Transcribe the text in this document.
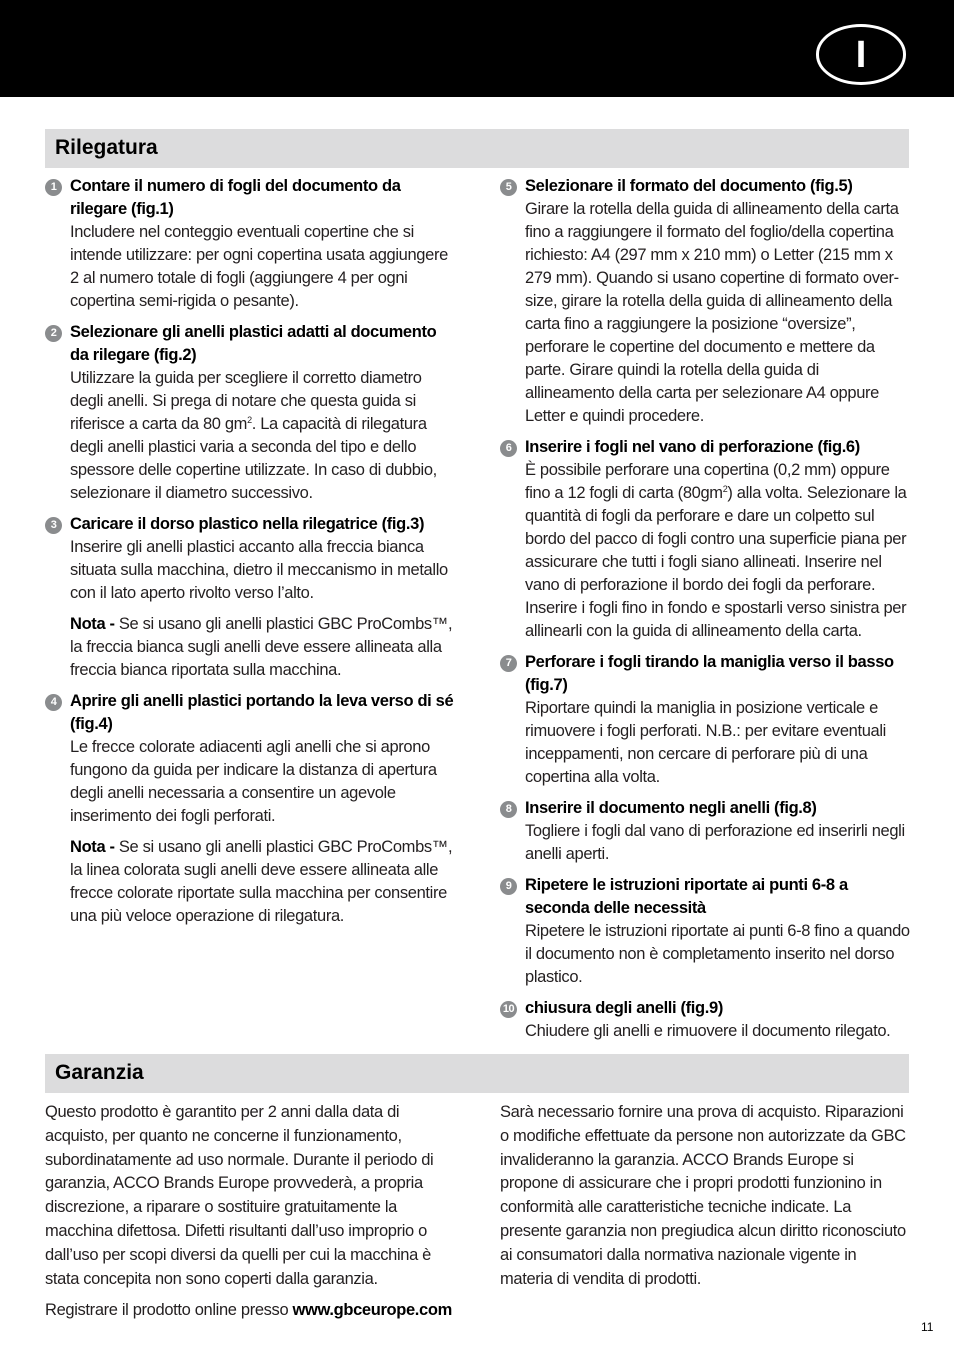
I
Rilegatura
1 Contare il numero di fogli del documento da rilegare (fig.1)
Includere nel conteggio eventuali copertine che si intende utilizzare: per ogni copertina usata aggiungere 2 al numero totale di fogli (aggiungere 4 per ogni copertina semi-rigida o pesante).
2 Selezionare gli anelli plastici adatti al documento da rilegare (fig.2)
Utilizzare la guida per scegliere il corretto diametro degli anelli. Si prega di notare che questa guida si riferisce a carta da 80 $gm^2$. La capacità di rilegatura degli anelli plastici varia a seconda del tipo e dello spessore delle copertine utilizzate. In caso di dubbio, selezionare il diametro successivo.
3 Caricare il dorso plastico nella rilegatrice (fig.3)
Inserire gli anelli plastici accanto alla freccia bianca situata sulla macchina, dietro il meccanismo in metallo con il lato aperto rivolto verso l’alto.
Nota - Se si usano gli anelli plastici GBC ProCombs™, la freccia bianca sugli anelli deve essere allineata alla freccia bianca riportata sulla macchina.
4 Aprire gli anelli plastici portando la leva verso di sé (fig.4)
Le frecce colorate adiacenti agli anelli che si aprono fungono da guida per indicare la distanza di apertura degli anelli necessaria a consentire un agevole inserimento dei fogli perforati.
Nota - Se si usano gli anelli plastici GBC ProCombs™, la linea colorata sugli anelli deve essere allineata alle frecce colorate riportate sulla macchina per consentire una più veloce operazione di rilegatura.
5 Selezionare il formato del documento (fig.5)
Girare la rotella della guida di allineamento della carta fino a raggiungere il formato del foglio/della copertina richiesto: A4 (297 mm x 210 mm) o Letter (215 mm x 279 mm). Quando si usano copertine di formato over-size, girare la rotella della guida di allineamento della carta fino a raggiungere la posizione “oversize”, perforare le copertine del documento e mettere da parte. Girare quindi la rotella della guida di allineamento della carta per selezionare A4 oppure Letter e quindi procedere.
6 Inserire i fogli nel vano di perforazione (fig.6)
È possibile perforare una copertina (0,2 mm) oppure fino a 12 fogli di carta $(80gm^2)$ alla volta. Selezionare la quantità di fogli da perforare e dare un colpetto sul bordo del pacco di fogli contro una superficie piana per assicurare che tutti i fogli siano allineati. Inserire nel vano di perforazione il bordo dei fogli da perforare. Inserire i fogli fino in fondo e spostarli verso sinistra per allinearli con la guida di allineamento della carta.
7 Perforare i fogli tirando la maniglia verso il basso (fig.7)
Riportare quindi la maniglia in posizione verticale e rimuovere i fogli perforati. N.B.: per evitare eventuali inceppamenti, non cercare di perforare più di una copertina alla volta.
8 Inserire il documento negli anelli (fig.8)
Togliere i fogli dal vano di perforazione ed inserirli negli anelli aperti.
9 Ripetere le istruzioni riportate ai punti 6-8 a seconda delle necessità
Ripetere le istruzioni riportate ai punti 6-8 fino a quando il documento non è completamento inserito nel dorso plastico.
10 chiusura degli anelli (fig.9)
Chiudere gli anelli e rimuovere il documento rilegato.
Garanzia

Questo prodotto è garantito per 2 anni dalla data di acquisto, per quanto ne concerne il funzionamento, subordinatamente ad uso normale. Durante il periodo di garanzia, ACCO Brands Europe provvederà, a propria discrezione, a riparare o sostituire gratuitamente la macchina difettosa. Difetti risultanti dall’uso improprio o dall’uso per scopi diversi da quelli per cui la macchina è stata concepita non sono coperti dalla garanzia.

Registrare il prodotto online presso www.gbceurope.com

Sarà necessario fornire una prova di acquisto. Riparazioni o modifiche effettuate da persone non autorizzate da GBC invalideranno la garanzia. ACCO Brands Europe si propone di assicurare che i propri prodotti funzionino in conformità alle caratteristiche tecniche indicate. La presente garanzia non pregiudica alcun diritto riconosciuto ai consumatori dalla normativa nazionale vigente in materia di vendita di prodotti.

11
